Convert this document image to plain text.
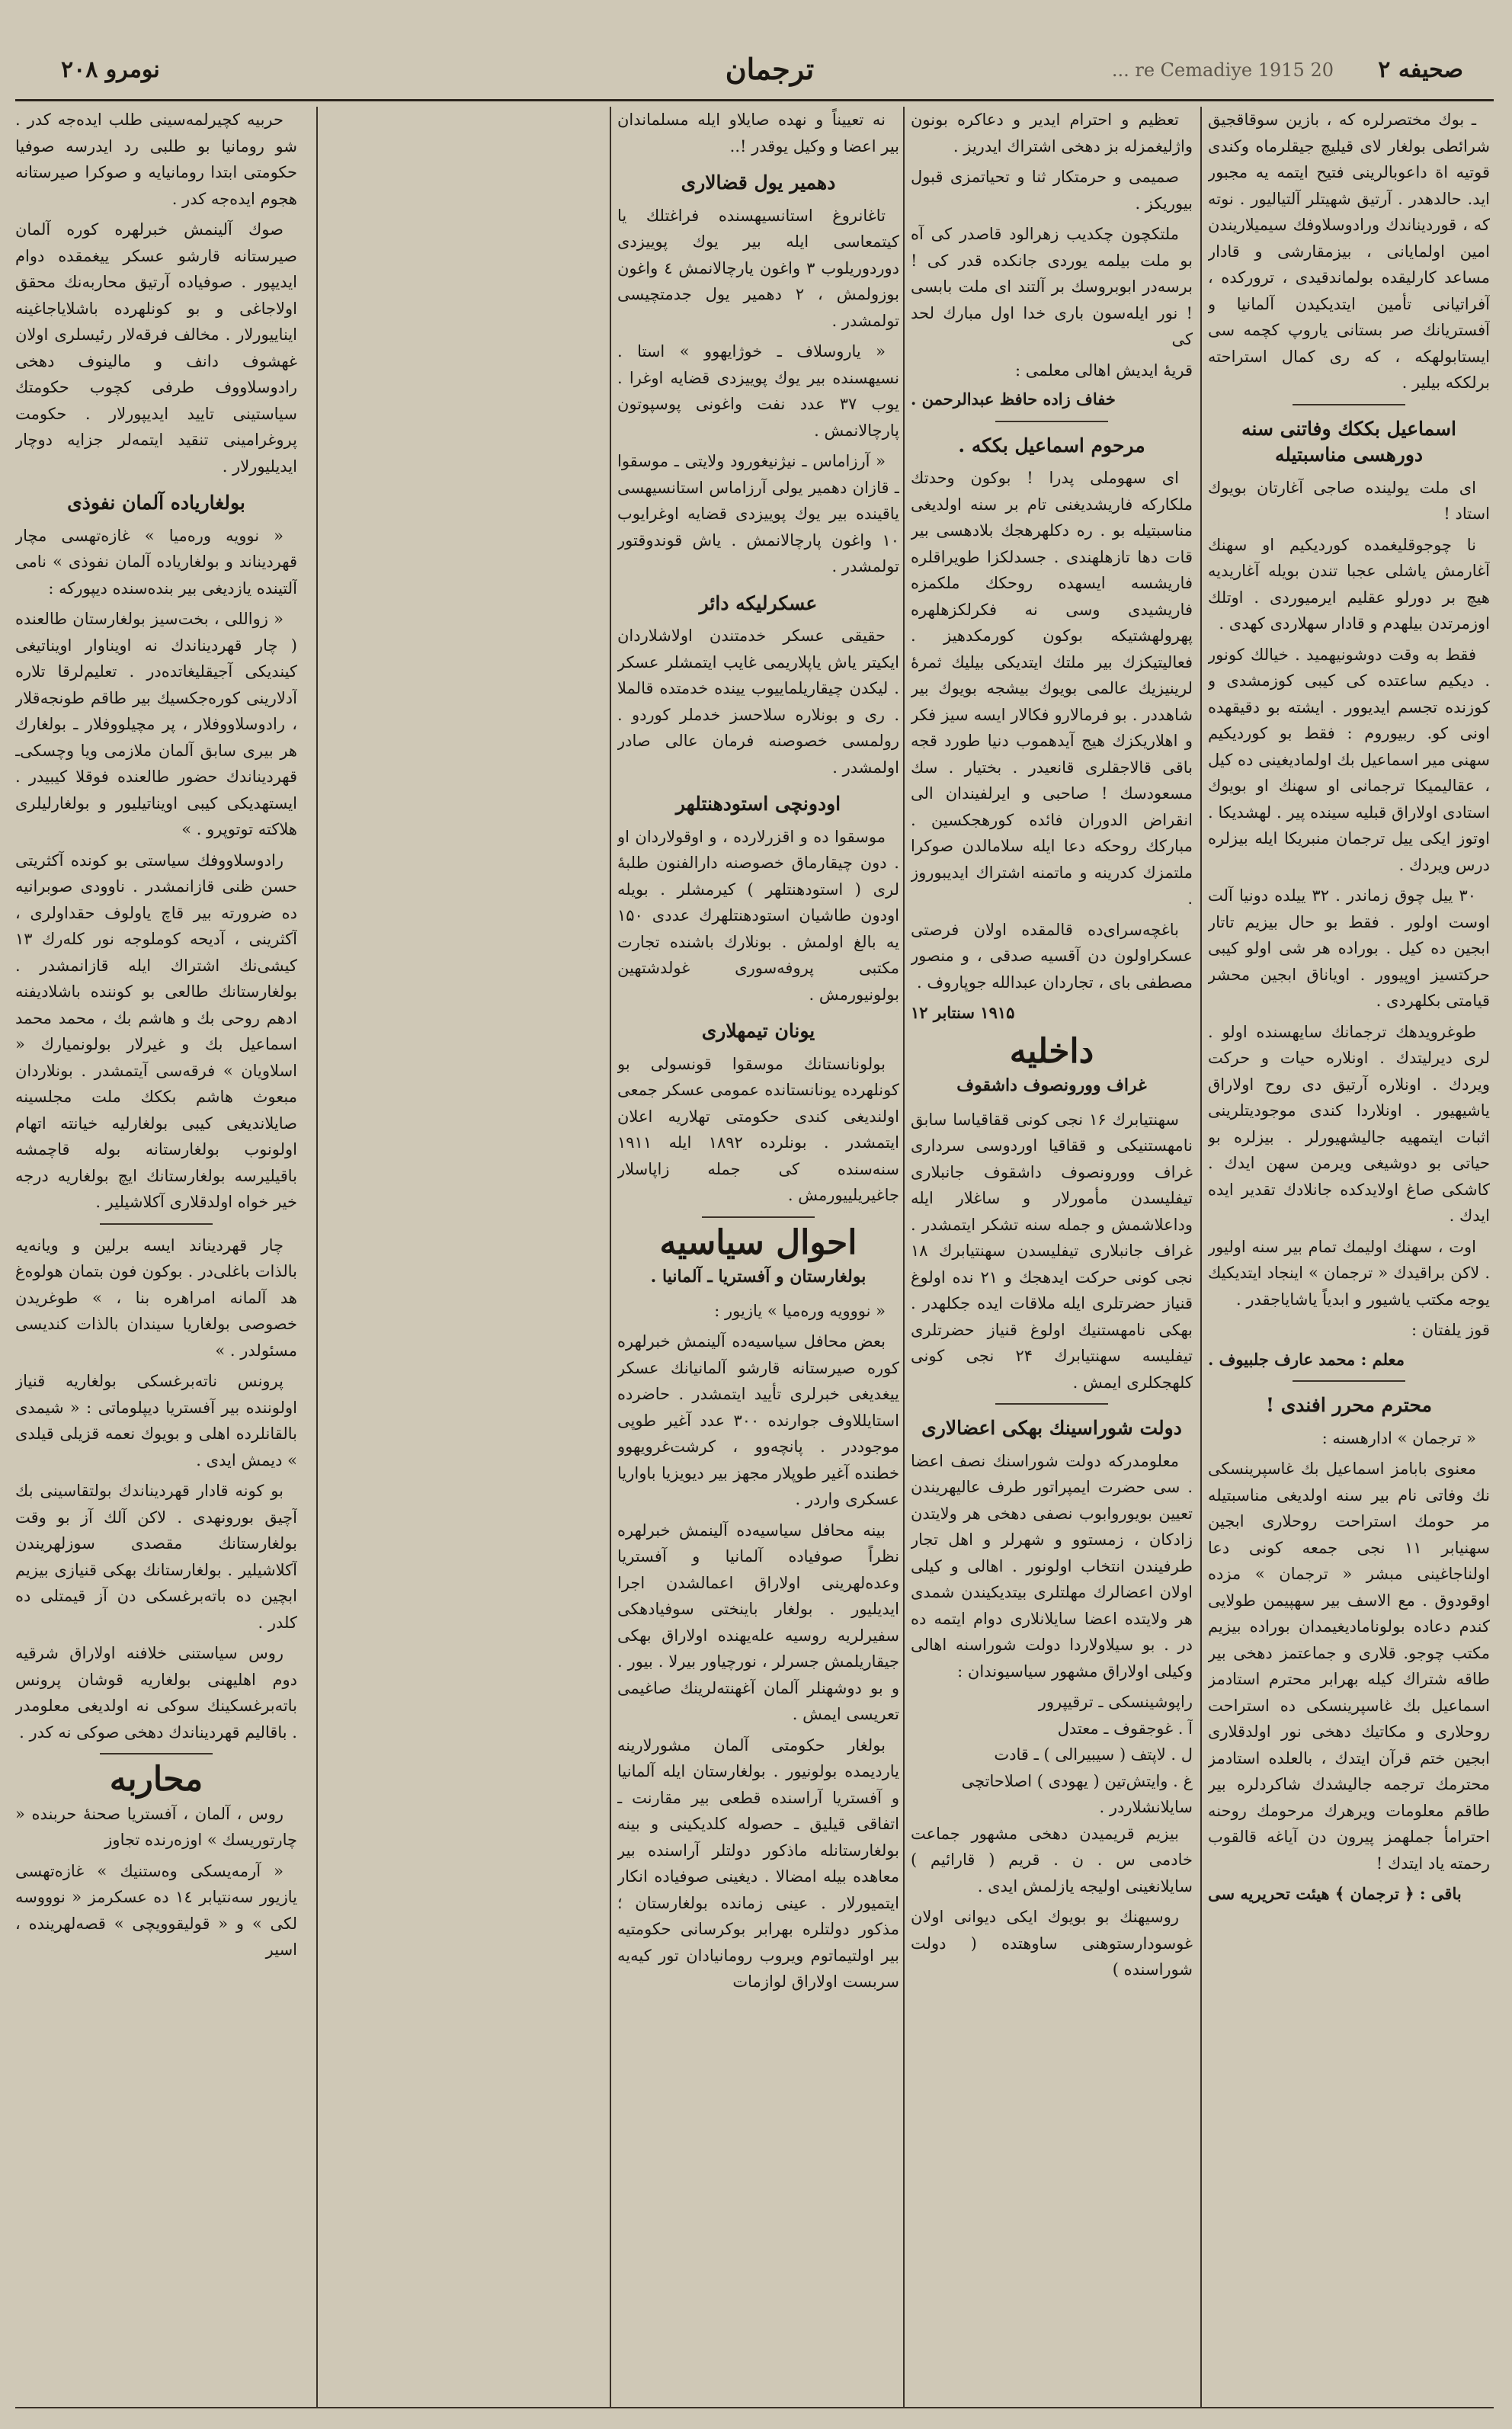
صحیفه ۲
20 re Cemadiye 1915 ...
ترجمان
نومرو ۲۰۸

ـ بوك مختصرلره كه ، بازين سوقاقجیق شرائطی بولغار لای قیلیچ جیقلرماه وكندی قوتیه اة داعوبالرینی فتیح ایتمه یه مجبور اید. حالدهدر . آرتیق شهیتلر آلتیالیور . نوته كه ، قوردیناندك ورادوسلاوفك سیمیلاریندن امین اولمایانی ، بیزمقارشی و قادار مساعد كارلیقده بولماندقیدی ، ترورکده ، آفراتیانی تأمین ایتدیكیدن آلمانیا و آفستریانك صر بستانی یاروپ كچمه سی ایستابولهكه ، كه ری كمال استراحته برلككه بیلیر .

اسماعيل بككك وفاتنی سنه دورهسی مناسبتیله

ای ملت یولینده صاجی آغارتان بویوك استاد !

نا چوجوقلیغمده كوردیكیم او سهنك آغارمش یاشلی عجبا تندن بویله آغاریدیه هیچ بر دورلو عقلیم ایرمیوردی . اوتلك اوزمرتدن بیلهدم و قادار سهلاردی كهدی .

فقط به وقت دوشونیهمید . خیالك كونور . دیكیم ساعتده كی كیبی كوزمشدی و كوزنده تجسم ایدیوور . ایشته بو دقیقهده اونی كو. ربیوروم : فقط بو كوردیكیم سهنی میر اسماعیل بك اولمادیغینی ده كیل ، عقالیمیكا ترجمانی او سهنك او بویوك استادی اولاراق قبلیه سینده پیر . لهشدیكا . اوتوز ایكی ییل ترجمان منبریكا ایله بیزلره درس ویردك .

۳۰ ییل چوق زماندر . ۳۲ ییلده دونیا آلت اوست اولور . فقط بو حال بیزیم تاتار ابجین ده كیل . بوراده هر شی اولو كیبی حركتسیز اوپیوور . اویاناق ابجین محشر قیامتی بكلهردی .

طوغرویدهك ترجمانك سایهسنده اولو . لری دیرلیتدك . اونلاره حیات و حركت ویردك . اونلاره آرتیق دی روح اولاراق یاشیهیور . اونلاردا كندی موجودیتلرینی اثبات ایتمهیه جالیشهیورلر . بیزلره بو حیاتی بو دوشیغی ویرمن سهن ایدك . كاشكی صاغ اولایدكده جانلادك تقدیر ایده ایدك .

اوت ، سهنك اوليمك تمام بیر سنه اولیور . لاكن براقیدك « ترجمان » اینجاد ایتدیكیك یوجه مكتب یاشیور و ابدیاً یاشایاجقدر .

قوز یلفتان :
معلم : محمد عارف جلبیوف .
محترم محرر افندی !

« ترجمان » ادارهسنه :

معنوی بابامز اسماعیل بك غاسپرینسكی نك وفاتی نام بیر سنه اولدیغی مناسبتیله مر حومك استراحت روحلاری ابجین سهنیابر ۱۱ نجی جمعه كونی دعا اولناجاغینی مبشر « ترجمان » مزده اوقودوق . مع الاسف بیر سهپیمن طولایی كندم دعاده بولوناماديغیمدان بوراده بیزیم مكتب چوجو. قلاری و جماعتمز دهخی بیر طاقه شتراك كیله بهرابر محترم استادمز اسماعیل بك غاسپرینسكی ده استراحت روحلاری و مكاتیك دهخی نور اولدقلاری ابجین ختم قرآن ایتدك ، بالعلده استادمز محترمك ترجمه جالیشدك شاكردلره بیر طاقم معلومات ویرهرك مرحومك روحنه احترامأ جملهمز پیرون دن آیاغه قالقوب رحمته یاد ایتدك !

باقی : ﴿ ترجمان ﴾ هیئت تحریریه سی

تعظیم و احترام ایدیر و دعاكره بونون واژلیغمزله بز دهخی اشتراك ایدریز .

صمیمی و حرمتكار ثنا و تحیاتمزی قبول بیوریكز .

ملتكچون چكدیب زهرالود قاصدر كی آه بو ملت بیلمه یوردی جانكده قدر كی ! برسه‌در ابوبروسك بر آلتند ای ملت بابسی ! نور ایله‌سون باری خدا اول مبارك لحد كی

قریهٔ ایدیش اهالی معلمی :
خفاف زاده حافظ عبدالرحمن .
مرحوم اسماعيل بككه .

ای سهوملی پدرا ! بوكون وحدتك ملكاركه فاریشدیغنی تام بر سنه اولدیغی مناسبتیله بو . ره دكلهرهجك بلادهسی بیر قات دها تازهلهندی . جسدلكزا طویراقلره فاریشسه ایسهده روحكك ملكمزه فاریشیدی وسی نه فكرلكزهلهره پهرولهشتیكه بوكون كورمكدهیز . فعاليتیكزك بیر ملتك ایتدیكی بیلیك ثمرهٔ لرینیزیك عالمی بویوك بیشجه بویوك بیر شاهددر . بو فرمالارو فكالار ایسه سیز فكر و اهلاریكزك هیج آیدهموب دنیا طورد قجه باقی قالاجقلری قانعیدر . بختیار . سك مسعودسك ! صاحبی و ایرلفیندان الی انقراض الدوران فائده كورهجكسین . مباركك روحکه دعا ایله سلامالدن صوكرا ملتمزك كدرینه و ماتمنه اشتراك ایدیبوروز .

باغچه‌سرای‌ده قالمقده اولان فرصتی عسكراولون دن آقسیه صدقی ، و منصور مصطفی بای ، تجاردان عبدالله جوپاروف .

۱۹۱۵ سنتابر ۱۲
داخلیه
غراف وورونصوف داشقوف

سهنتیابرك ۱۶ نجی كونی ققاقیاسا سابق نامهستنیكی و ققاقیا اوردوسی سرداری غراف وورونصوف داشقوف جانبلاری تیفلیسدن مأمورلار و ساغلار ایله وداعلاشمش و جمله سنه تشكر ایتمشدر . غراف جانبلاری تیفلیسدن سهنتیابرك ۱۸ نجی كونی حركت ایدهجك و ۲۱ نده اولوغ قنیاز حضرتلری ایله ملاقات ایده جكلهدر . بهكی نامهستنیك اولوغ قنیاز حضرتلری تیفلیسه سهنتیابرك ۲۴ نجی كونی كلهجكلری ایمش .

دولت شوراسینك بهكی اعضالاری

معلومدركه دولت شوراسنك نصف اعضا . سی حضرت ایمپراتور طرف عالیهریندن تعیین بویوروابوب نصفی دهخی هر ولایتدن زادكان ، زمستوو و شهرلر و اهل تجار طرفیندن انتخاب اولونور . اهالی و كیلی اولان اعضالرك مهلتلری بیتدیكیندن شمدی هر ولایتده اعضا سایلانلاری دوام ایتمه ده در . بو سیلاولاردا دولت شوراسنه اهالی وكیلی اولاراق مشهور سیاسیوندان :

راپوشینسكی ـ ترقیپرور
آ . غوجقوف ـ معتدل
ل . لاپتف ( سیبیرالی ) ـ قادت
غ . وایتش‌تین ( یهودی ) اصلاحاتچی سایلانشلاردر .

بیزیم قریمیدن دهخی مشهور جماعت خادمی س . ن . قریم ( قارائیم ) سایلانغینی اولیجه یازلمش ایدی .

روسیهنك بو بویوك ایكی دیوانی اولان غوسودارستوهنی ساوهتده ( دولت شوراسنده )

نه تعییناً و نهده صایلاو ایله مسلماندان بیر اعضا و وكیل یوقدر !..

دهمیر یول قضالاری

تاغانروغ استانسیهسنده فراغتلك یا كیتمعاسی ایله بیر یوك پوییزدی دوردوریلوب ۳ واغون یارچالانمش ٤ واغون بوزولمش ، ۲ دهمیر یول جدمتچیسی تولمشدر .

« یاروسلاف ـ خوژایهوو » استا . نسیهسنده بیر یوك پوییزدی قضایه اوغرا . یوب ۳۷ عدد نفت واغونی پوسپوتون پارچالانمش .

« آرزاماس ـ نیژنیغورود ولایتی ـ موسقوا ـ قازان دهمیر یولی آرزاماس استانسیهسی یاقینده بیر یوك پوییزدی قضایه اوغرایوب ۱۰ واغون پارچالانمش . یاش قوندوقتور تولمشدر .

عسكرلیكه دائر

حقیقی عسكر خدمتندن اولاشلاردان ایكیتر یاش یاپلاریمی غایب ایتمشلر عسكر . لیكدن چیقاریلماییوب یینده خدمتده قالملا . ری و بونلاره سلاحسز خدملر كوردو . رولمسی خصوصنه فرمان عالی صادر اولمشدر .

اودونچی استودهنتلهر

موسقوا ده و اقزرلارده ، و اوقولاردان او . دون چیقارماق خصوصنه دارالفنون طلبهٔ لری ( استودهنتلهر ) كیرمشلر . بویله اودون طاشیان استودهنتلهرك عددی ۱۵۰ یه بالغ اولمش . بونلارك باشنده تجارت مكتبی پروفه‌سوری غولدشتهین بولونیورمش .

یونان تیمهلاری

بولونانستانك موسقوا قونسولی بو كونلهرده یونانستانده عمومی عسكر جمعی اولندیغی كندی حكومتی تهلاریه اعلان ایتمشدر . بونلرده ۱۸۹۲ ایله ۱۹۱۱ سنه‌سنده كی جمله زاپاسلار جاغیریلییورمش .

احوال سیاسیه
بولغارستان و آفستریا ـ آلمانیا .

« نووویه وره‌میا » یازیور :

بعض محافل سیاسیه‌ده آلینمش خبرلهره كوره صیرستانه قارشو آلمانیانك عسكر ییغدیغی خبرلری تأیید ایتمشدر . حاضرده استایللاوف جوارنده ۳۰۰ عدد آغیر طوپی موجوددر . پانچه‌وو ، كرشت‌غرویهوو خطنده آغیر طوپلار مجهز بیر دیویزیا باواریا عسكری واردر .

بینه محافل سیاسیه‌ده آلینمش خبرلهره نظراً صوفیاده آلمانیا و آفستریا وعده‌لهرینی اولاراق اعمالشدن اجرا ایدیلیور . بولغار باینختی سوفیادهكی سفیرلریه روسیه عله‌یهنده اولاراق بهكی جیقاریلمش جسرلر ، نورچیاور بیرلا . بیور . و بو دوشهنلر آلمان آغهنته‌لرینك صاغیمی تعریسی ایمش .

بولغار حكومتی آلمان مشورلارینه یاردیمده بولونیور . بولغارستان ایله آلمانیا و آفستریا آراسنده قطعی بیر مقارنت ـ اتفاقی قیلیق ـ حصوله كلدیكینی و بینه بولغارستانله ماذكور دولتلر آراسنده بیر معاهده بیله امضالا . دیغینی صوفیاده انكار ایتمیورلار . عینی زمانده بولغارستان ؛ مذكور دولتلره بهرابر بوكرسانی حكومتیه بیر اولتیماتوم ویروب رومانیادان تور كیه‌یه سربست اولاراق لوازمات

حربیه كچیرلمه‌سینی طلب ایده‌جه كدر . شو رومانیا بو طلبی رد ایدرسه صوفیا حكومتی ابتدا رومانیایه و صوكرا صیرستانه هجوم ایده‌جه كدر .

صوك آلینمش خبرلهره كوره آلمان صیرستانه قارشو عسكر ییغمقده دوام ایدیپور . صوفیاده آرتیق محاربه‌نك محقق اولاجاغی و بو كونلهرده باشلایاجاغینه ایناییورلار . مخالف فرقه‌لار رئیسلری اولان غهشوف دانف و مالینوف دهخی رادوسلاووف طرفی كچوب حكومتك سیاستینی تایید ایدیپورلار . حكومت پروغرامینی تنقید ایتمه‌لر جزایه دوچار ایدیلیورلار .

بولغاریاده آلمان نفوذی

« نوویه وره‌میا » غازه‌تهسی مچار قهردیناند و بولغاریاده آلمان نفوذی » نامی آلتینده یازدیغی بیر بنده‌سنده دیپوركه :

« زواللی ، بخت‌سیز بولغارستان طالعنده ( چار قهردیناندك نه اویناوار اویناتیغی كیندیكی آجیقلیغاتده‌در . تعلیم‌لرقا تلاره آدلارینی كوره‌جكسیك بیر طاقم طونجه‌قلار ، رادوسلاووفلار ، پر مچیلووفلار ـ بولغارك هر بیری سابق آلمان ملازمی ویا وچسكی‌ـ قهردیناندك حضور طالعنده فوقلا كیبیدر . ایستهدیكی كیبی اویناتیلیور و بولغارلیلری هلاكته توتوپرو . »

رادوسلاووفك سیاستی بو كونده آكثریتی حسن ظنی قازانمشدر . ناوودی صوبرانیه ده ضرورته بیر قاچ یاولوف حقداولری ، آكثرینی ، آدیحه كوملوجه نور كله‌رك ۱۳ كیشی‌نك اشتراك ایله قازانمشدر . بولغارستانك طالعی بو كوننده باشلادیفنه ادهم روحی بك و هاشم بك ، محمد محمد اسماعیل بك و غیرلار بولونمیارك « اسلاویان » فرقه‌سی آیتمشدر . بونلاردان مبعوث هاشم بككك ملت مجلسینه صایلاندیغی كیبی بولغارلیه خیانته اتهام اولونوب بولغارستانه بوله قاچمشه باقیلیرسه بولغارستانك ایچ بولغاریه درجه خیر خواه اولدقلاری آكلاشیلیر .

چار قهردیناند ایسه برلین و ویانه‌یه بالذات باغلی‌در . بوكون فون بتمان هولوه‌غ هد آلمانه امراهره بنا ، » طوغریدن خصوصی بولغاریا سیندان بالذات كندیسی مسئولدر . »

پرونس ناته‌برغسكی بولغاریه قنیاز اولوننده بیر آفستریا دیپلوماتی : « شیمدی بالقانلر‌ده اهلی و بویوك نعمه قزیلی قیلدی » دیمش ایدی .

بو كونه قادار قهرديناندك بولتقاسینی بك آچیق بورونهدی . لاكن آلك آز بو وقت بولغارستانك مقصدی سوزلهریندن آكلاشیلیر . بولغارستانك بهكی قنیازی بیزیم ابچین ده باته‌برغسكی دن آز قیمتلی ده كلدر .

روس سیاستنی خلافنه اولاراق شرقیه دوم اهلیهنی بولغاریه قوشان پرونس باته‌برغسكینك سوكی نه اولدیغی معلومدر . باقالیم قهردیناندك دهخی صوكی نه كدر .

محاربه

روس ، آلمان ، آفستریا صحنهٔ حربنده « چارتوریسك » اوزه‌رنده تجاوز

« آرمه‌یسكی وه‌ستنیك » غازه‌تهسی یازیور سه‌نتیابر ۱٤ ده عسكرمز « نوووسه لكی » و « قولیقوویچی » قصه‌لهرینده ، اسیر
